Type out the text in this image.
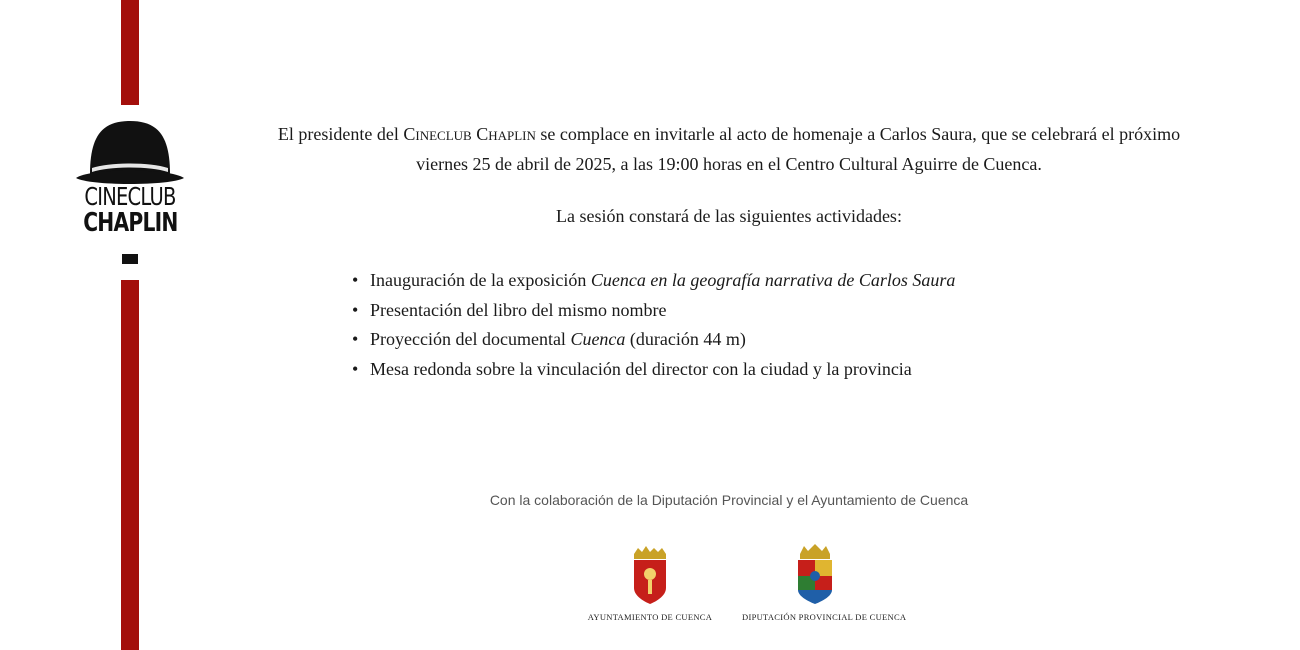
CINECLUB
CHAPLIN
El presidente del Cineclub Chaplin se complace en invitarle al acto de homenaje a Carlos Saura, que se celebrará el próximo viernes 25 de abril de 2025, a las 19:00 horas en el Centro Cultural Aguirre de Cuenca.
La sesión constará de las siguientes actividades:
• Inauguración de la exposición Cuenca en la geografía narrativa de Carlos Saura
• Presentación del libro del mismo nombre
• Proyección del documental Cuenca (duración 44 m)
• Mesa redonda sobre la vinculación del director con la ciudad y la provincia
Con la colaboración de la Diputación Provincial y el Ayuntamiento de Cuenca
AYUNTAMIENTO DE CUENCA	DIPUTACIÓN PROVINCIAL DE CUENCA
